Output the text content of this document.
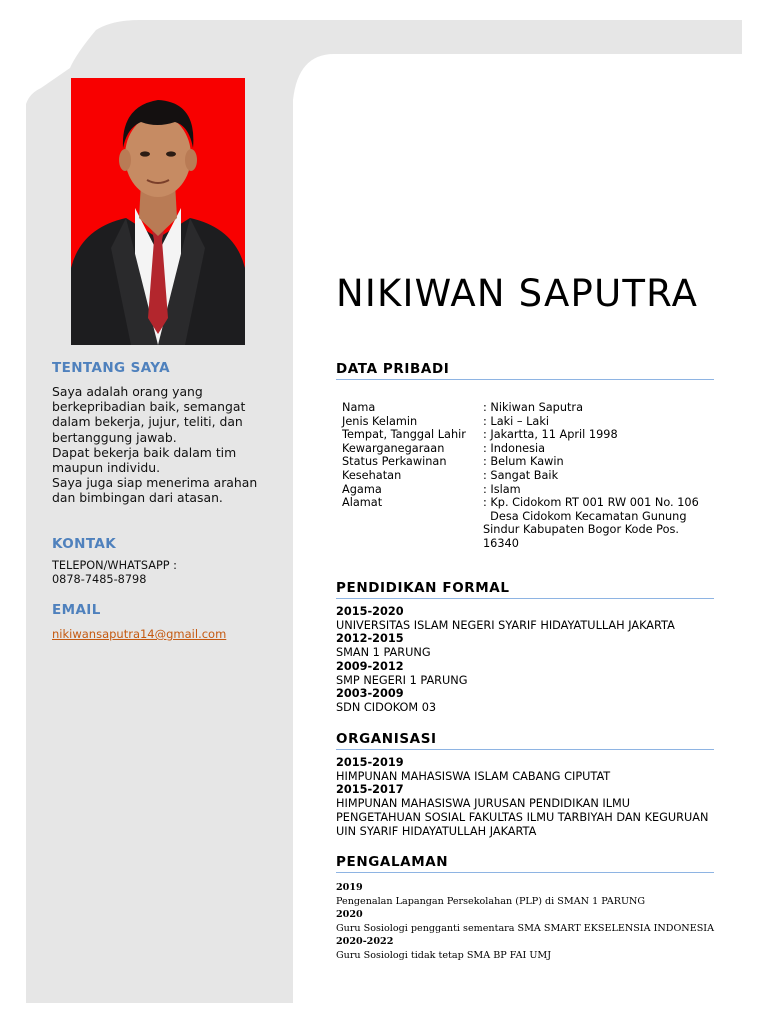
TENTANG SAYA
Saya adalah orang yang
berkepribadian baik, semangat
dalam bekerja, jujur, teliti, dan
bertanggung jawab.
Dapat bekerja baik dalam tim
maupun individu.
Saya juga siap menerima arahan
dan bimbingan dari atasan.
KONTAK
TELEPON/WHATSAPP :
0878-7485-8798
EMAIL
nikiwansaputra14@gmail.com
NIKIWAN SAPUTRA
DATA PRIBADI
Nama	: Nikiwan Saputra
Jenis Kelamin	: Laki – Laki
Tempat, Tanggal Lahir	: Jakartta, 11 April 1998
Kewarganegaraan	: Indonesia
Status Perkawinan	: Belum Kawin
Kesehatan	: Sangat Baik
Agama	: Islam
Alamat	: Kp. Cidokom RT 001 RW 001 No. 106
Desa Cidokom Kecamatan Gunung
Sindur Kabupaten Bogor Kode Pos.
16340
PENDIDIKAN FORMAL
2015-2020
UNIVERSITAS ISLAM NEGERI SYARIF HIDAYATULLAH JAKARTA
2012-2015
SMAN 1 PARUNG
2009-2012
SMP NEGERI 1 PARUNG
2003-2009
SDN CIDOKOM 03
ORGANISASI
2015-2019
HIMPUNAN MAHASISWA ISLAM CABANG CIPUTAT
2015-2017
HIMPUNAN MAHASISWA JURUSAN PENDIDIKAN ILMU
PENGETAHUAN SOSIAL FAKULTAS ILMU TARBIYAH DAN KEGURUAN
UIN SYARIF HIDAYATULLAH JAKARTA
PENGALAMAN
2019
Pengenalan Lapangan Persekolahan (PLP) di SMAN 1 PARUNG
2020
Guru Sosiologi pengganti sementara SMA SMART EKSELENSIA INDONESIA
2020-2022
Guru Sosiologi tidak tetap SMA BP FAI UMJ
